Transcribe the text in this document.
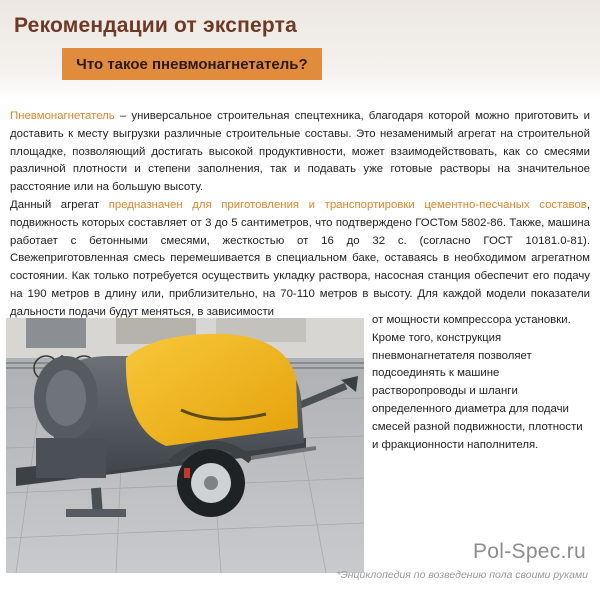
Рекомендации от эксперта
Что такое пневмонагнетатель?

Пневмонагнетатель – универсальное строительная спецтехника, благодаря которой можно приготовить и доставить к месту выгрузки различные строительные составы. Это незаменимый агрегат на строительной площадке, позволяющий достигать высокой продуктивности, может взаимодействовать, как со смесями различной плотности и степени заполнения, так и подавать уже готовые растворы на значительное расстояние или на большую высоту.
Данный агрегат предназначен для приготовления и транспортировки цементно-песчаных составов, подвижность которых составляет от 3 до 5 сантиметров, что подтверждено ГОСТом 5802-86. Также, машина работает с бетонными смесями, жесткостью от 16 до 32 с. (согласно ГОСТ 10181.0-81). Свежеприготовленная смесь перемешивается в специальном баке, оставаясь в необходимом агрегатном состоянии. Как только потребуется осуществить укладку раствора, насосная станция обеспечит его подачу на 190 метров в длину или, приблизительно, на 70-110 метров в высоту. Для каждой модели показатели дальности подачи будут меняться, в зависимости

от мощности компрессора установки. Кроме того, конструкция пневмонагнетателя позволяет подсоединять к машине растворопроводы и шланги определенного диаметра для подачи смесей разной подвижности, плотности и фракционности наполнителя.

Pol-Spec.ru
*Энциклопедия по возведению пола своими руками
